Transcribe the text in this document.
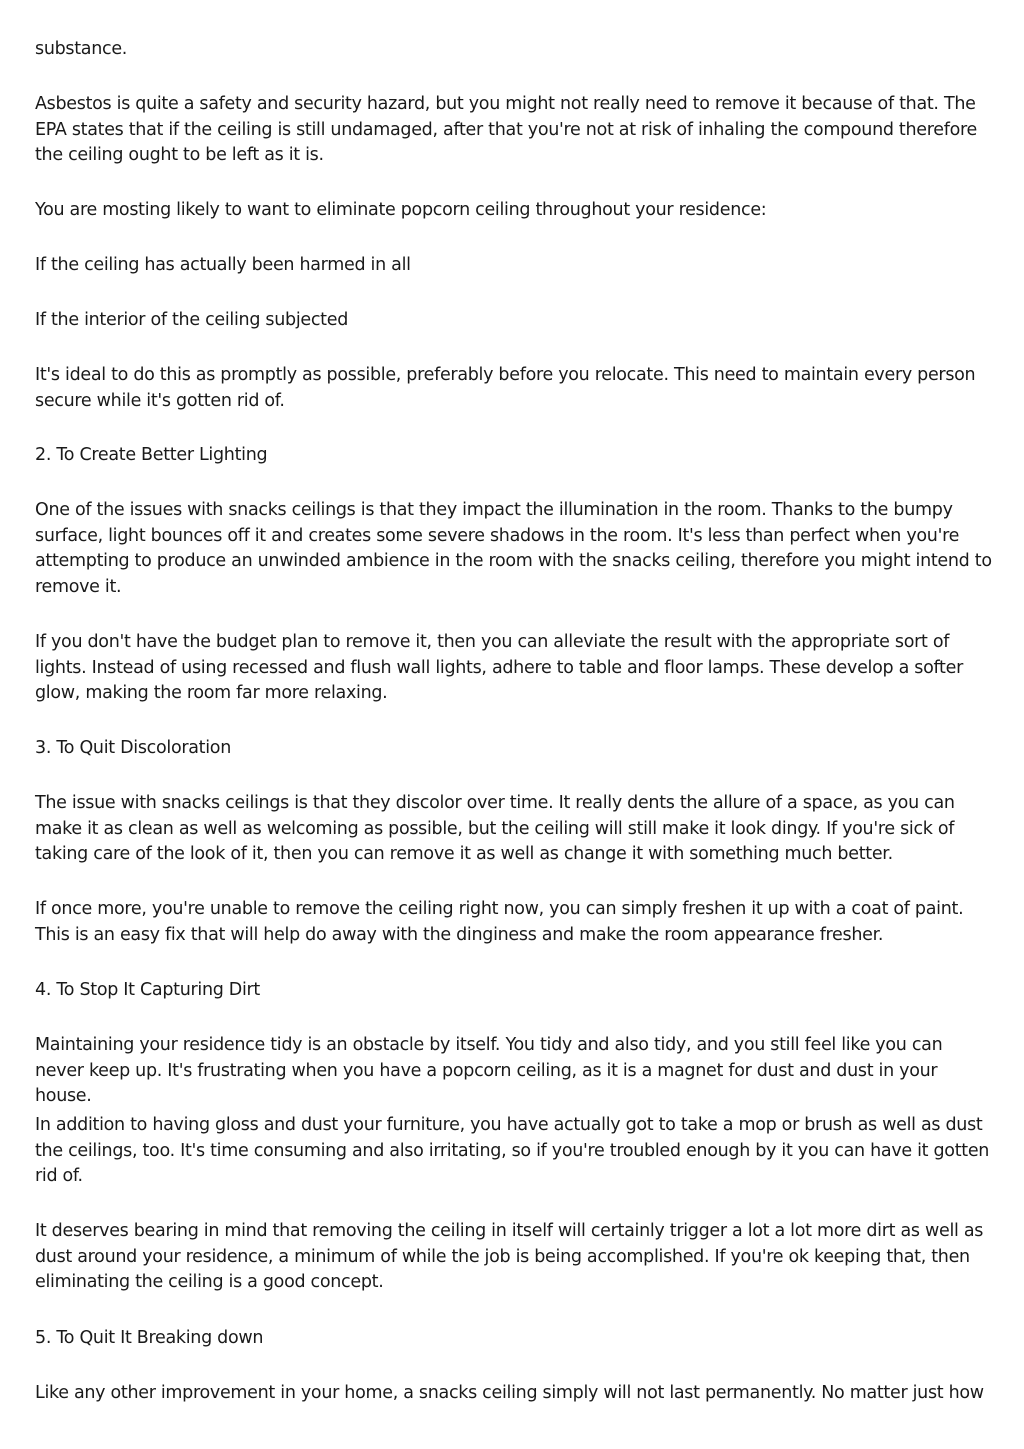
substance.

Asbestos is quite a safety and security hazard, but you might not really need to remove it because of that. The EPA states that if the ceiling is still undamaged, after that you're not at risk of inhaling the compound therefore the ceiling ought to be left as it is.

You are mosting likely to want to eliminate popcorn ceiling throughout your residence:

If the ceiling has actually been harmed in all

If the interior of the ceiling subjected

It's ideal to do this as promptly as possible, preferably before you relocate. This need to maintain every person secure while it's gotten rid of.

2. To Create Better Lighting

One of the issues with snacks ceilings is that they impact the illumination in the room. Thanks to the bumpy surface, light bounces off it and creates some severe shadows in the room. It's less than perfect when you're attempting to produce an unwinded ambience in the room with the snacks ceiling, therefore you might intend to remove it.

If you don't have the budget plan to remove it, then you can alleviate the result with the appropriate sort of lights. Instead of using recessed and flush wall lights, adhere to table and floor lamps. These develop a softer glow, making the room far more relaxing.

3. To Quit Discoloration

The issue with snacks ceilings is that they discolor over time. It really dents the allure of a space, as you can make it as clean as well as welcoming as possible, but the ceiling will still make it look dingy. If you're sick of taking care of the look of it, then you can remove it as well as change it with something much better.

If once more, you're unable to remove the ceiling right now, you can simply freshen it up with a coat of paint. This is an easy fix that will help do away with the dinginess and make the room appearance fresher.

4. To Stop It Capturing Dirt

Maintaining your residence tidy is an obstacle by itself. You tidy and also tidy, and you still feel like you can never keep up. It's frustrating when you have a popcorn ceiling, as it is a magnet for dust and dust in your house.

In addition to having gloss and dust your furniture, you have actually got to take a mop or brush as well as dust the ceilings, too. It's time consuming and also irritating, so if you're troubled enough by it you can have it gotten rid of.

It deserves bearing in mind that removing the ceiling in itself will certainly trigger a lot a lot more dirt as well as dust around your residence, a minimum of while the job is being accomplished. If you're ok keeping that, then eliminating the ceiling is a good concept.

5. To Quit It Breaking down

Like any other improvement in your home, a snacks ceiling simply will not last permanently. No matter just how
